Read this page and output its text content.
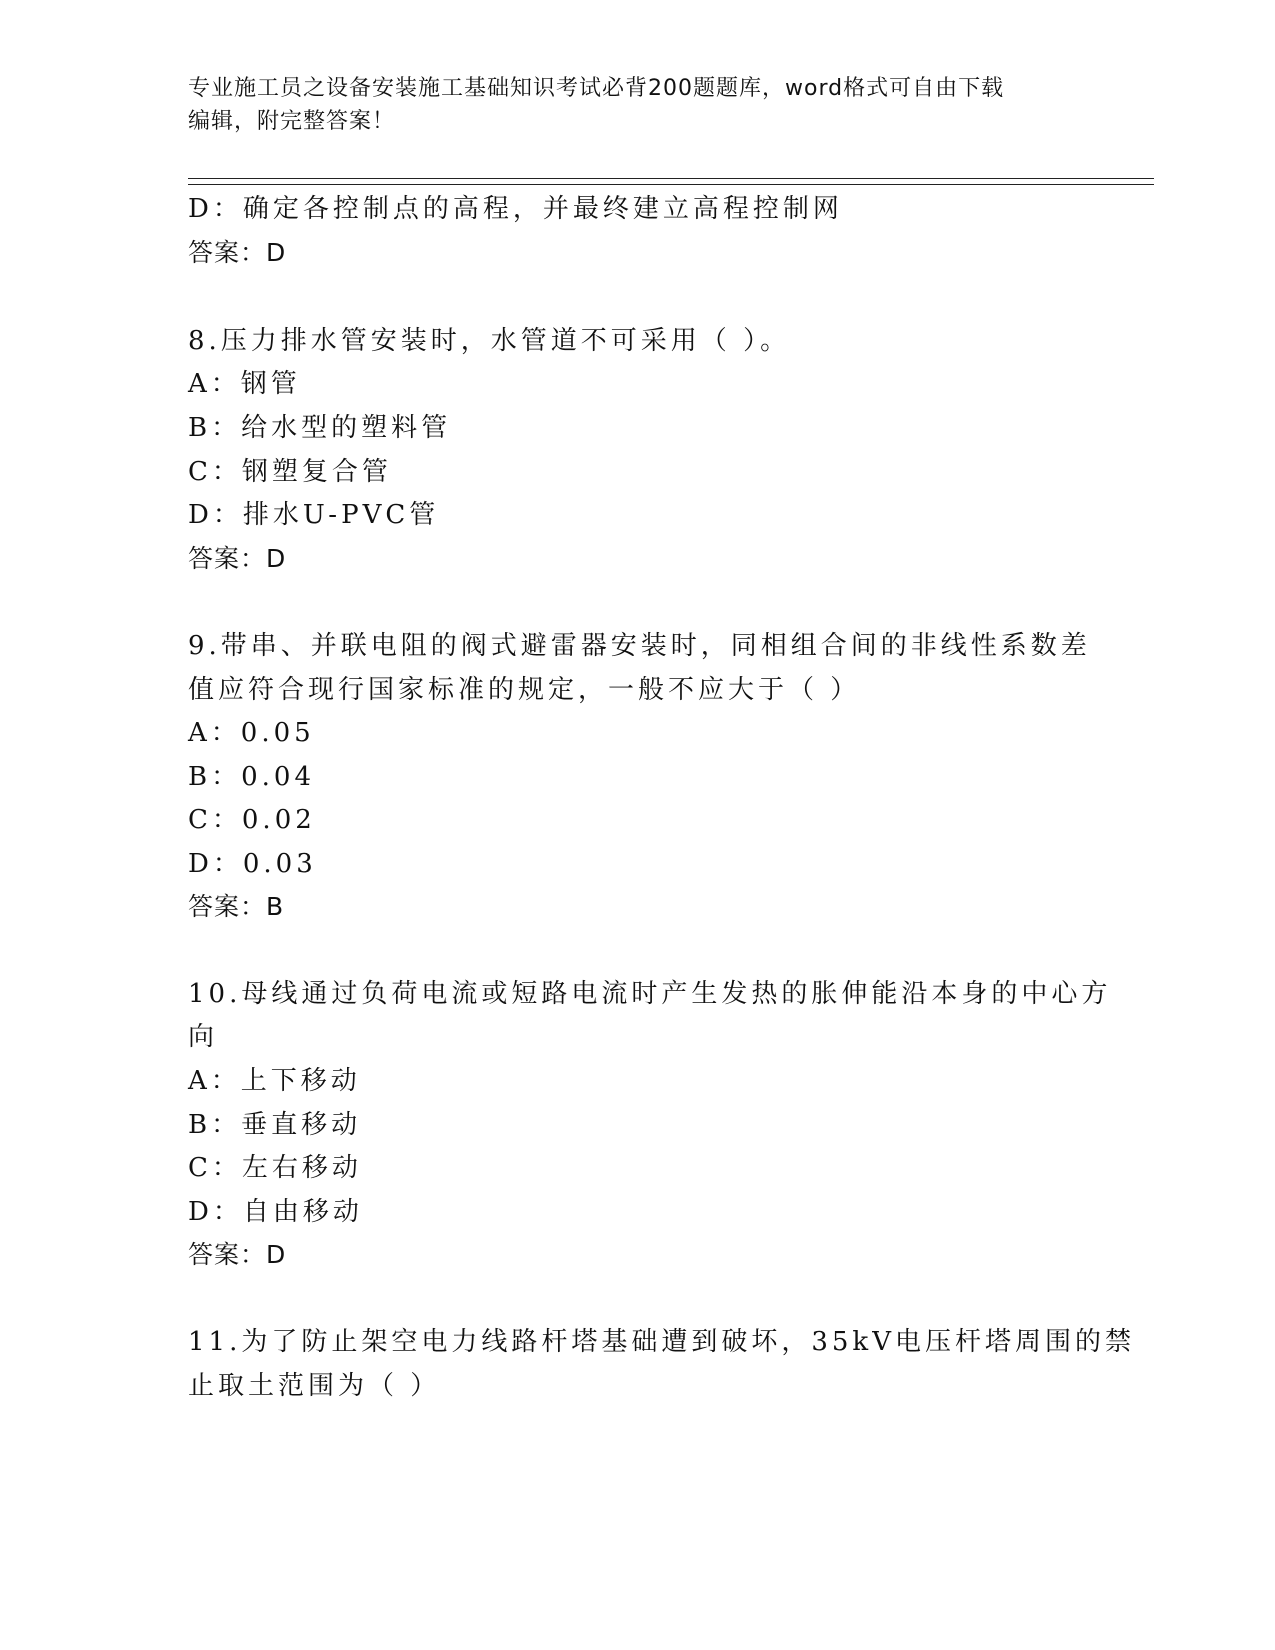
专业施工员之设备安装施工基础知识考试必背200题题库，word格式可自由下载
编辑，附完整答案！
D：确定各控制点的高程，并最终建立高程控制网
答案：D
8.压力排水管安装时，水管道不可采用（ ）。
A：钢管
B：给水型的塑料管
C：钢塑复合管
D：排水U-PVC管
答案：D
9.带串、并联电阻的阀式避雷器安装时，同相组合间的非线性系数差
值应符合现行国家标准的规定，一般不应大于（ ）
A：0.05
B：0.04
C：0.02
D：0.03
答案：B
10.母线通过负荷电流或短路电流时产生发热的胀伸能沿本身的中心方
向
A：上下移动
B：垂直移动
C：左右移动
D：自由移动
答案：D
11.为了防止架空电力线路杆塔基础遭到破坏，35kV电压杆塔周围的禁
止取土范围为（ ）
